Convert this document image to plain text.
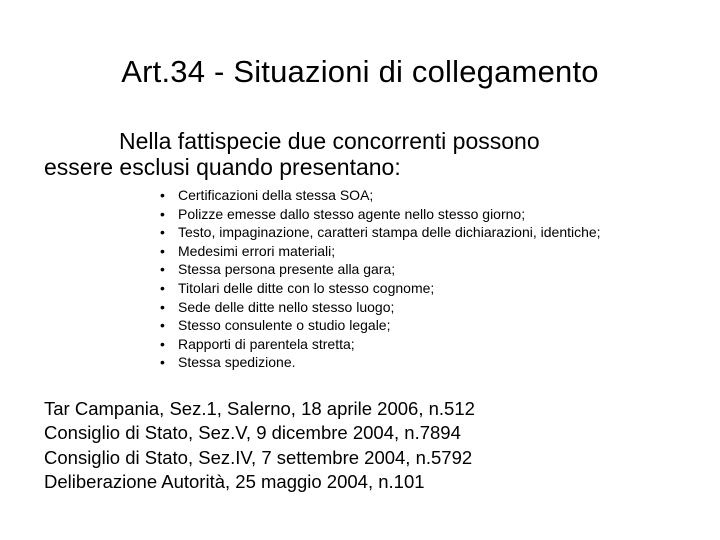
Art.34 - Situazioni di collegamento
Nella fattispecie due concorrenti possono
essere esclusi quando presentano:
• Certificazioni della stessa SOA;
• Polizze emesse dallo stesso agente nello stesso giorno;
• Testo, impaginazione, caratteri stampa delle dichiarazioni, identiche;
• Medesimi errori materiali;
• Stessa persona presente alla gara;
• Titolari delle ditte con lo stesso cognome;
• Sede delle ditte nello stesso luogo;
• Stesso consulente o studio legale;
• Rapporti di parentela stretta;
• Stessa spedizione.
Tar Campania, Sez.1, Salerno, 18 aprile 2006, n.512
Consiglio di Stato, Sez.V, 9 dicembre 2004, n.7894
Consiglio di Stato, Sez.IV, 7 settembre 2004, n.5792
Deliberazione Autorità, 25 maggio 2004, n.101
